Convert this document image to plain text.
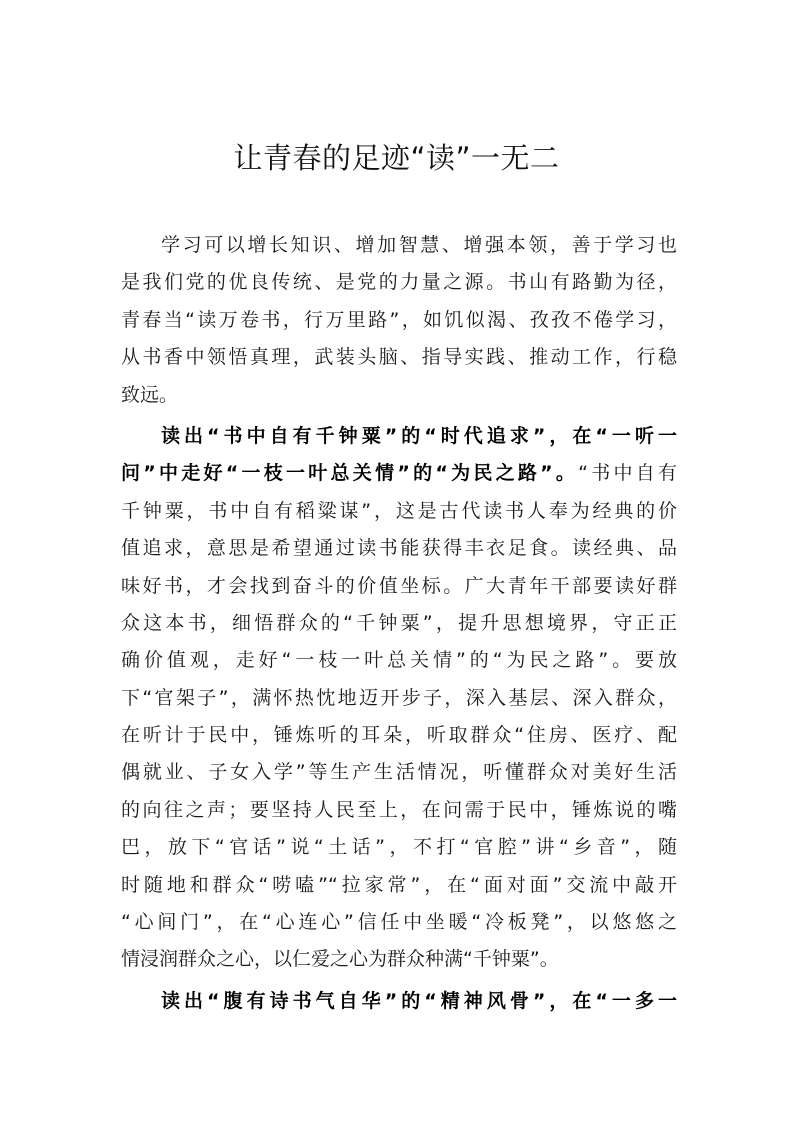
让青春的足迹“读”一无二
学习可以增长知识、增加智慧、增强本领，善于学习也
是我们党的优良传统、是党的力量之源。书山有路勤为径，
青春当“读万卷书，行万里路”，如饥似渴、孜孜不倦学习，
从书香中领悟真理，武装头脑、指导实践、推动工作，行稳
致远。
读出“书中自有千钟粟”的“时代追求”，在“一听一
问”中走好“一枝一叶总关情”的“为民之路”。“书中自有
千钟粟，书中自有稻粱谋”，这是古代读书人奉为经典的价
值追求，意思是希望通过读书能获得丰衣足食。读经典、品
味好书，才会找到奋斗的价值坐标。广大青年干部要读好群
众这本书，细悟群众的“千钟粟”，提升思想境界，守正正
确价值观，走好“一枝一叶总关情”的“为民之路”。要放
下“官架子”，满怀热忱地迈开步子，深入基层、深入群众，
在听计于民中，锤炼听的耳朵，听取群众“住房、医疗、配
偶就业、子女入学”等生产生活情况，听懂群众对美好生活
的向往之声；要坚持人民至上，在问需于民中，锤炼说的嘴
巴，放下“官话”说“土话”，不打“官腔”讲“乡音”，随
时随地和群众“唠嗑”“拉家常”，在“面对面”交流中敲开
“心间门”，在“心连心”信任中坐暖“冷板凳”，以悠悠之
情浸润群众之心，以仁爱之心为群众种满“千钟粟”。
读出“腹有诗书气自华”的“精神风骨”，在“一多一
